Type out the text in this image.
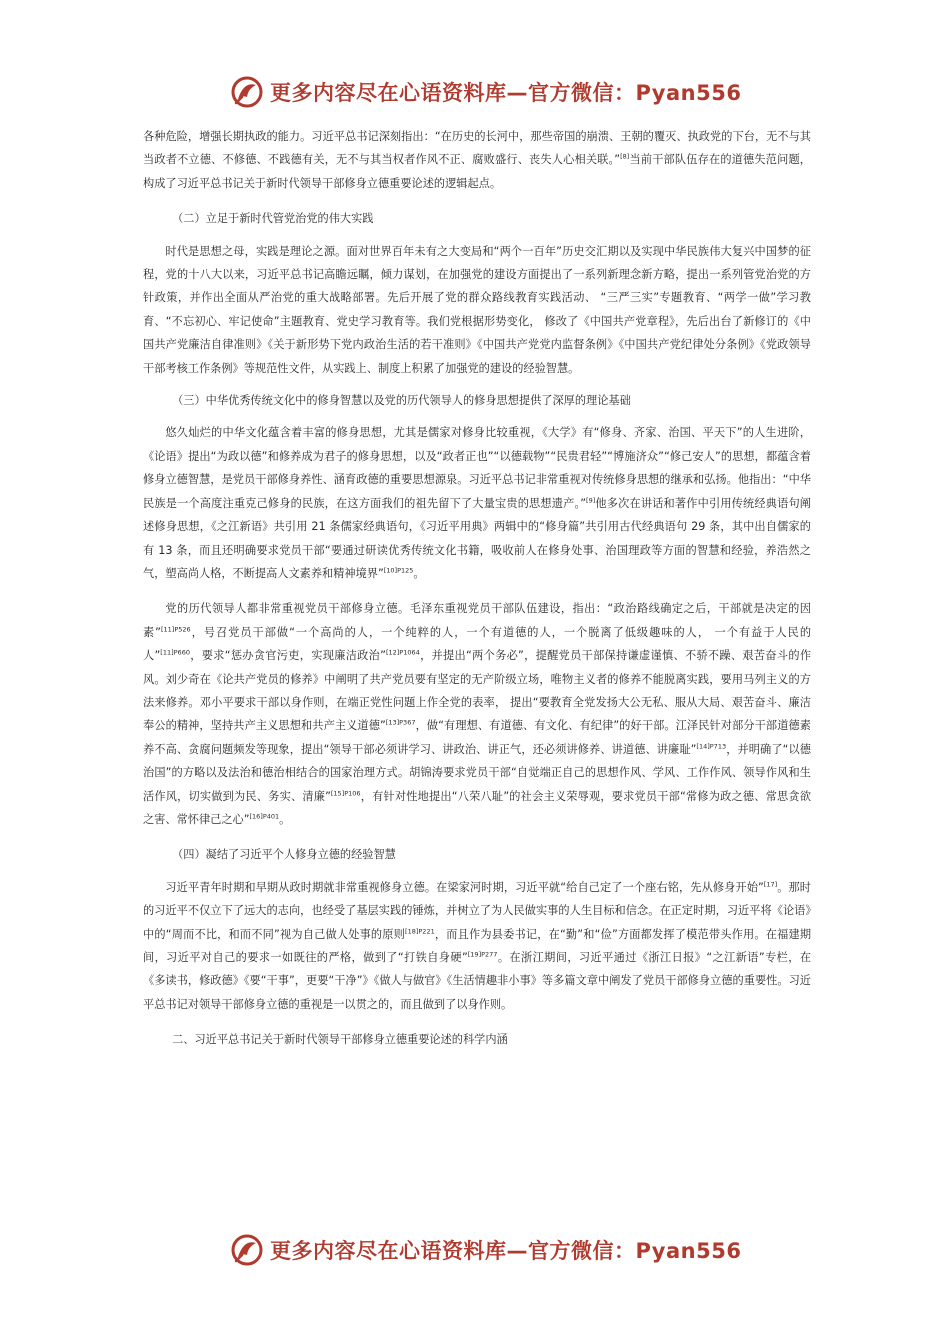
更多内容尽在心语资料库—官方微信：Pyan556

各种危险，增强长期执政的能力。习近平总书记深刻指出：“在历史的长河中，那些帝国的崩溃、王朝的覆灭、执政党的下台，无不与其当政者不立德、不修德、不践德有关，无不与其当权者作风不正、腐败盛行、丧失人心相关联。”[8]当前干部队伍存在的道德失范问题，构成了习近平总书记关于新时代领导干部修身立德重要论述的逻辑起点。

（二）立足于新时代管党治党的伟大实践

时代是思想之母，实践是理论之源。面对世界百年未有之大变局和“两个一百年”历史交汇期以及实现中华民族伟大复兴中国梦的征程，党的十八大以来，习近平总书记高瞻远瞩，倾力谋划，在加强党的建设方面提出了一系列新理念新方略，提出一系列管党治党的方针政策，并作出全面从严治党的重大战略部署。先后开展了党的群众路线教育实践活动、 “三严三实”专题教育、“两学一做”学习教育、“不忘初心、牢记使命”主题教育、党史学习教育等。我们党根据形势变化， 修改了《中国共产党章程》，先后出台了新修订的《中国共产党廉洁自律准则》《关于新形势下党内政治生活的若干准则》《中国共产党党内监督条例》《中国共产党纪律处分条例》《党政领导干部考核工作条例》等规范性文件，从实践上、制度上积累了加强党的建设的经验智慧。

（三）中华优秀传统文化中的修身智慧以及党的历代领导人的修身思想提供了深厚的理论基础

悠久灿烂的中华文化蕴含着丰富的修身思想，尤其是儒家对修身比较重视，《大学》有“修身、齐家、治国、平天下”的人生进阶，《论语》提出“为政以德”和修养成为君子的修身思想，以及“政者正也”“以德载物”“民贵君轻”“博施济众”“修己安人”的思想，都蕴含着修身立德智慧，是党员干部修身养性、涵育政德的重要思想源泉。习近平总书记非常重视对传统修身思想的继承和弘扬。他指出：“中华民族是一个高度注重克己修身的民族，在这方面我们的祖先留下了大量宝贵的思想遗产。”[9]他多次在讲话和著作中引用传统经典语句阐述修身思想，《之江新语》共引用 21 条儒家经典语句，《习近平用典》两辑中的“修身篇”共引用古代经典语句 29 条，其中出自儒家的有 13 条，而且还明确要求党员干部“要通过研读优秀传统文化书籍，吸收前人在修身处事、治国理政等方面的智慧和经验，养浩然之气，塑高尚人格，不断提高人文素养和精神境界”$^{[10]P125}$。

党的历代领导人都非常重视党员干部修身立德。毛泽东重视党员干部队伍建设，指出：“政治路线确定之后，干部就是决定的因素”$^{[11]P526}$，号召党员干部做“一个高尚的人，一个纯粹的人，一个有道德的人，一个脱离了低级趣味的人， 一个有益于人民的人”$^{[11]P660}$，要求“惩办贪官污吏，实现廉洁政治”$^{[12]P1064}$，并提出“两个务必”，提醒党员干部保持谦虚谨慎、不骄不躁、艰苦奋斗的作风。刘少奇在《论共产党员的修养》中阐明了共产党员要有坚定的无产阶级立场，唯物主义者的修养不能脱离实践，要用马列主义的方法来修养。邓小平要求干部以身作则，在端正党性问题上作全党的表率， 提出“要教育全党发扬大公无私、服从大局、艰苦奋斗、廉洁奉公的精神，坚持共产主义思想和共产主义道德”$^{[13]P367}$，做“有理想、有道德、有文化、有纪律”的好干部。江泽民针对部分干部道德素养不高、贪腐问题频发等现象，提出“领导干部必须讲学习、讲政治、讲正气，还必须讲修养、讲道德、讲廉耻”$^{[14]P713}$，并明确了“以德治国”的方略以及法治和德治相结合的国家治理方式。胡锦涛要求党员干部“自觉端正自己的思想作风、学风、工作作风、领导作风和生活作风，切实做到为民、务实、清廉”$^{[15]P106}$，有针对性地提出“八荣八耻”的社会主义荣辱观，要求党员干部“常修为政之德、常思贪欲之害、常怀律己之心”$^{[16]P401}$。

（四）凝结了习近平个人修身立德的经验智慧

习近平青年时期和早期从政时期就非常重视修身立德。在梁家河时期，习近平就“给自己定了一个座右铭，先从修身开始”[17]。那时的习近平不仅立下了远大的志向，也经受了基层实践的锤炼，并树立了为人民做实事的人生目标和信念。在正定时期，习近平将《论语》中的“周而不比，和而不同”视为自己做人处事的原则$^{[18]P221}$，而且作为县委书记，在“勤”和“俭”方面都发挥了模范带头作用。在福建期间，习近平对自己的要求一如既往的严格，做到了“打铁自身硬”$^{[19]P277}$。在浙江期间，习近平通过《浙江日报》“之江新语”专栏，在《多读书，修政德》《要“干事”，更要“干净”》《做人与做官》《生活情趣非小事》等多篇文章中阐发了党员干部修身立德的重要性。习近平总书记对领导干部修身立德的重视是一以贯之的，而且做到了以身作则。

二、习近平总书记关于新时代领导干部修身立德重要论述的科学内涵

更多内容尽在心语资料库—官方微信：Pyan556
